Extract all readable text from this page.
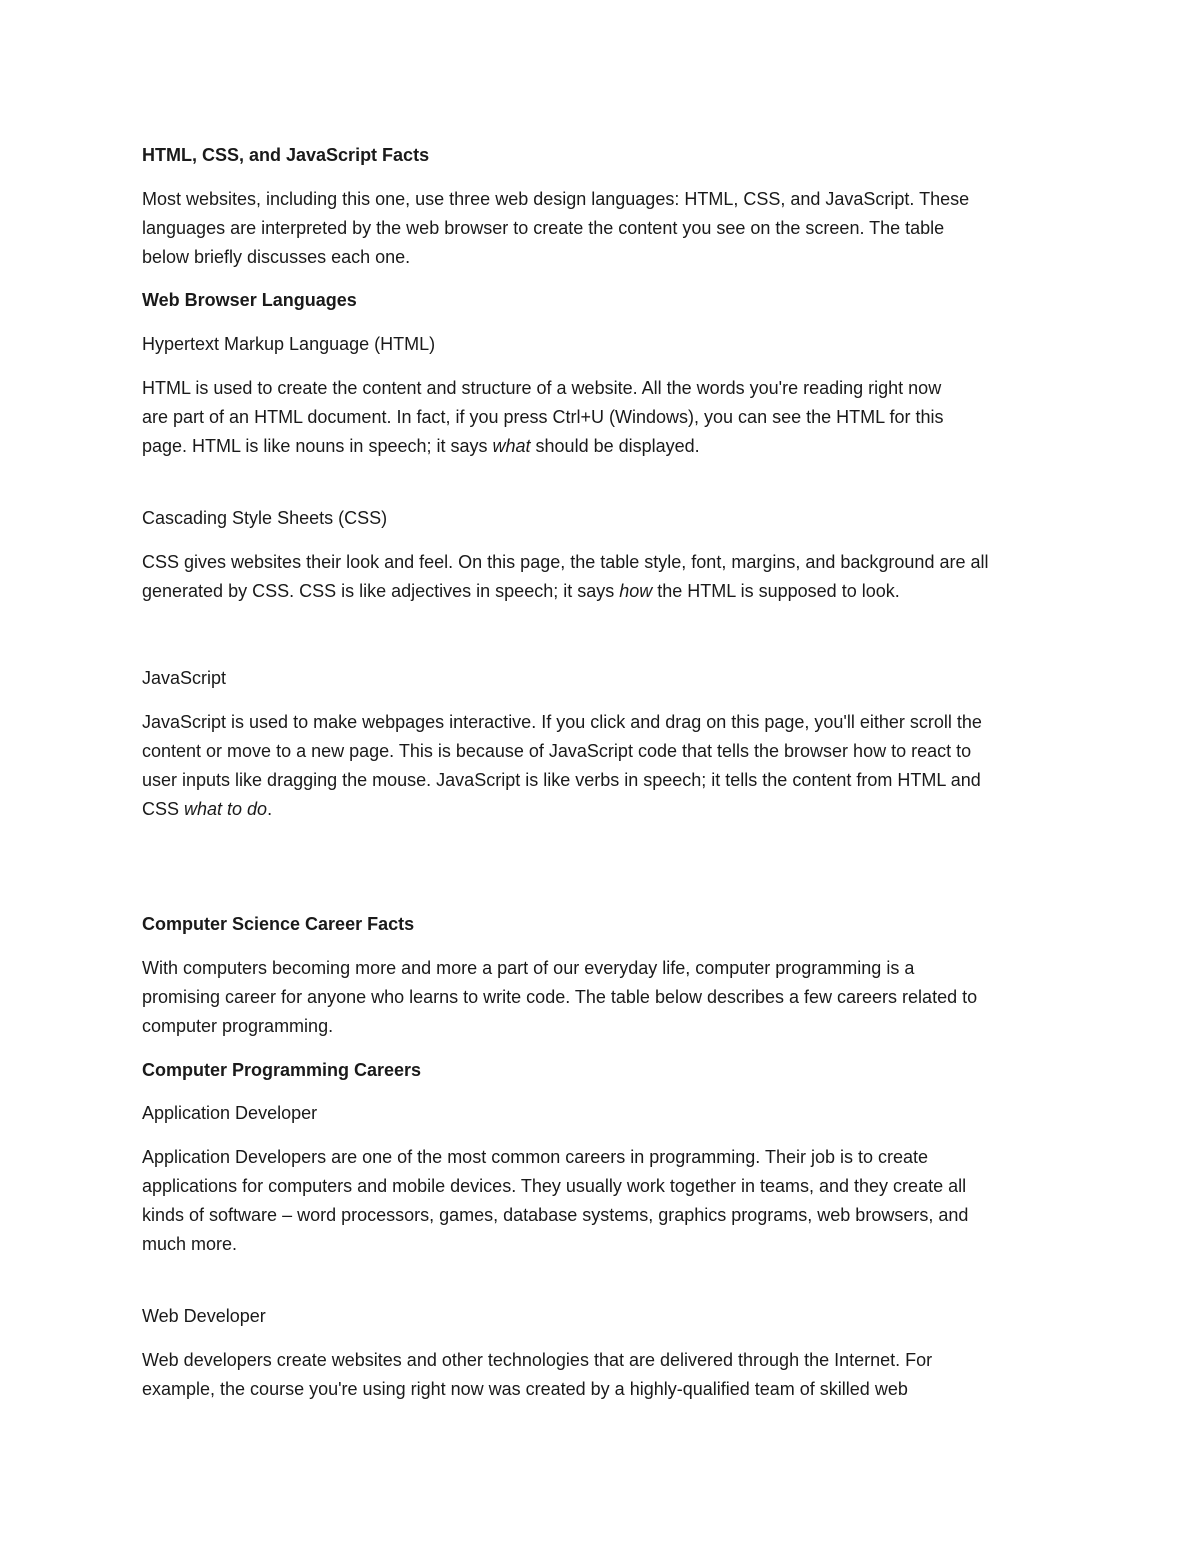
HTML, CSS, and JavaScript Facts

Most websites, including this one, use three web design languages: HTML, CSS, and JavaScript. These
languages are interpreted by the web browser to create the content you see on the screen. The table
below briefly discusses each one.

Web Browser Languages

Hypertext Markup Language (HTML)

HTML is used to create the content and structure of a website. All the words you're reading right now
are part of an HTML document. In fact, if you press Ctrl+U (Windows), you can see the HTML for this
page. HTML is like nouns in speech; it says what should be displayed.

Cascading Style Sheets (CSS)

CSS gives websites their look and feel. On this page, the table style, font, margins, and background are all
generated by CSS. CSS is like adjectives in speech; it says how the HTML is supposed to look.

JavaScript

JavaScript is used to make webpages interactive. If you click and drag on this page, you'll either scroll the
content or move to a new page. This is because of JavaScript code that tells the browser how to react to
user inputs like dragging the mouse. JavaScript is like verbs in speech; it tells the content from HTML and
CSS what to do.

Computer Science Career Facts

With computers becoming more and more a part of our everyday life, computer programming is a
promising career for anyone who learns to write code. The table below describes a few careers related to
computer programming.

Computer Programming Careers

Application Developer

Application Developers are one of the most common careers in programming. Their job is to create
applications for computers and mobile devices. They usually work together in teams, and they create all
kinds of software – word processors, games, database systems, graphics programs, web browsers, and
much more.

Web Developer

Web developers create websites and other technologies that are delivered through the Internet. For
example, the course you're using right now was created by a highly-qualified team of skilled web
